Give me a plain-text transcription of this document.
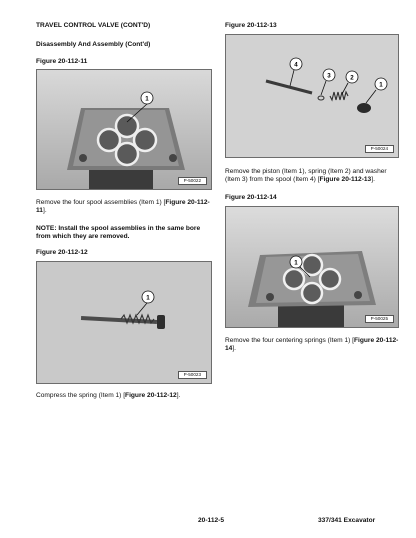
TRAVEL CONTROL VALVE (CONT'D)
Disassembly And Assembly (Cont'd)
Figure 20-112-11
1
P-50022
Remove the four spool assemblies (Item 1) [Figure 20-112-11].
NOTE: Install the spool assemblies in the same bore from which they are removed.
Figure 20-112-12
1
P-50023
Compress the spring (Item 1) [Figure 20-112-12].
Figure 20-112-13
4
3	2
1
P-50024
Remove the piston (Item 1), spring (Item 2) and washer (Item 3) from the spool (Item 4) [Figure 20-112-13].
Figure 20-112-14
1
P-50025
Remove the four centering springs (Item 1) [Figure 20-112-14].
20-112-5	337/341 Excavator
